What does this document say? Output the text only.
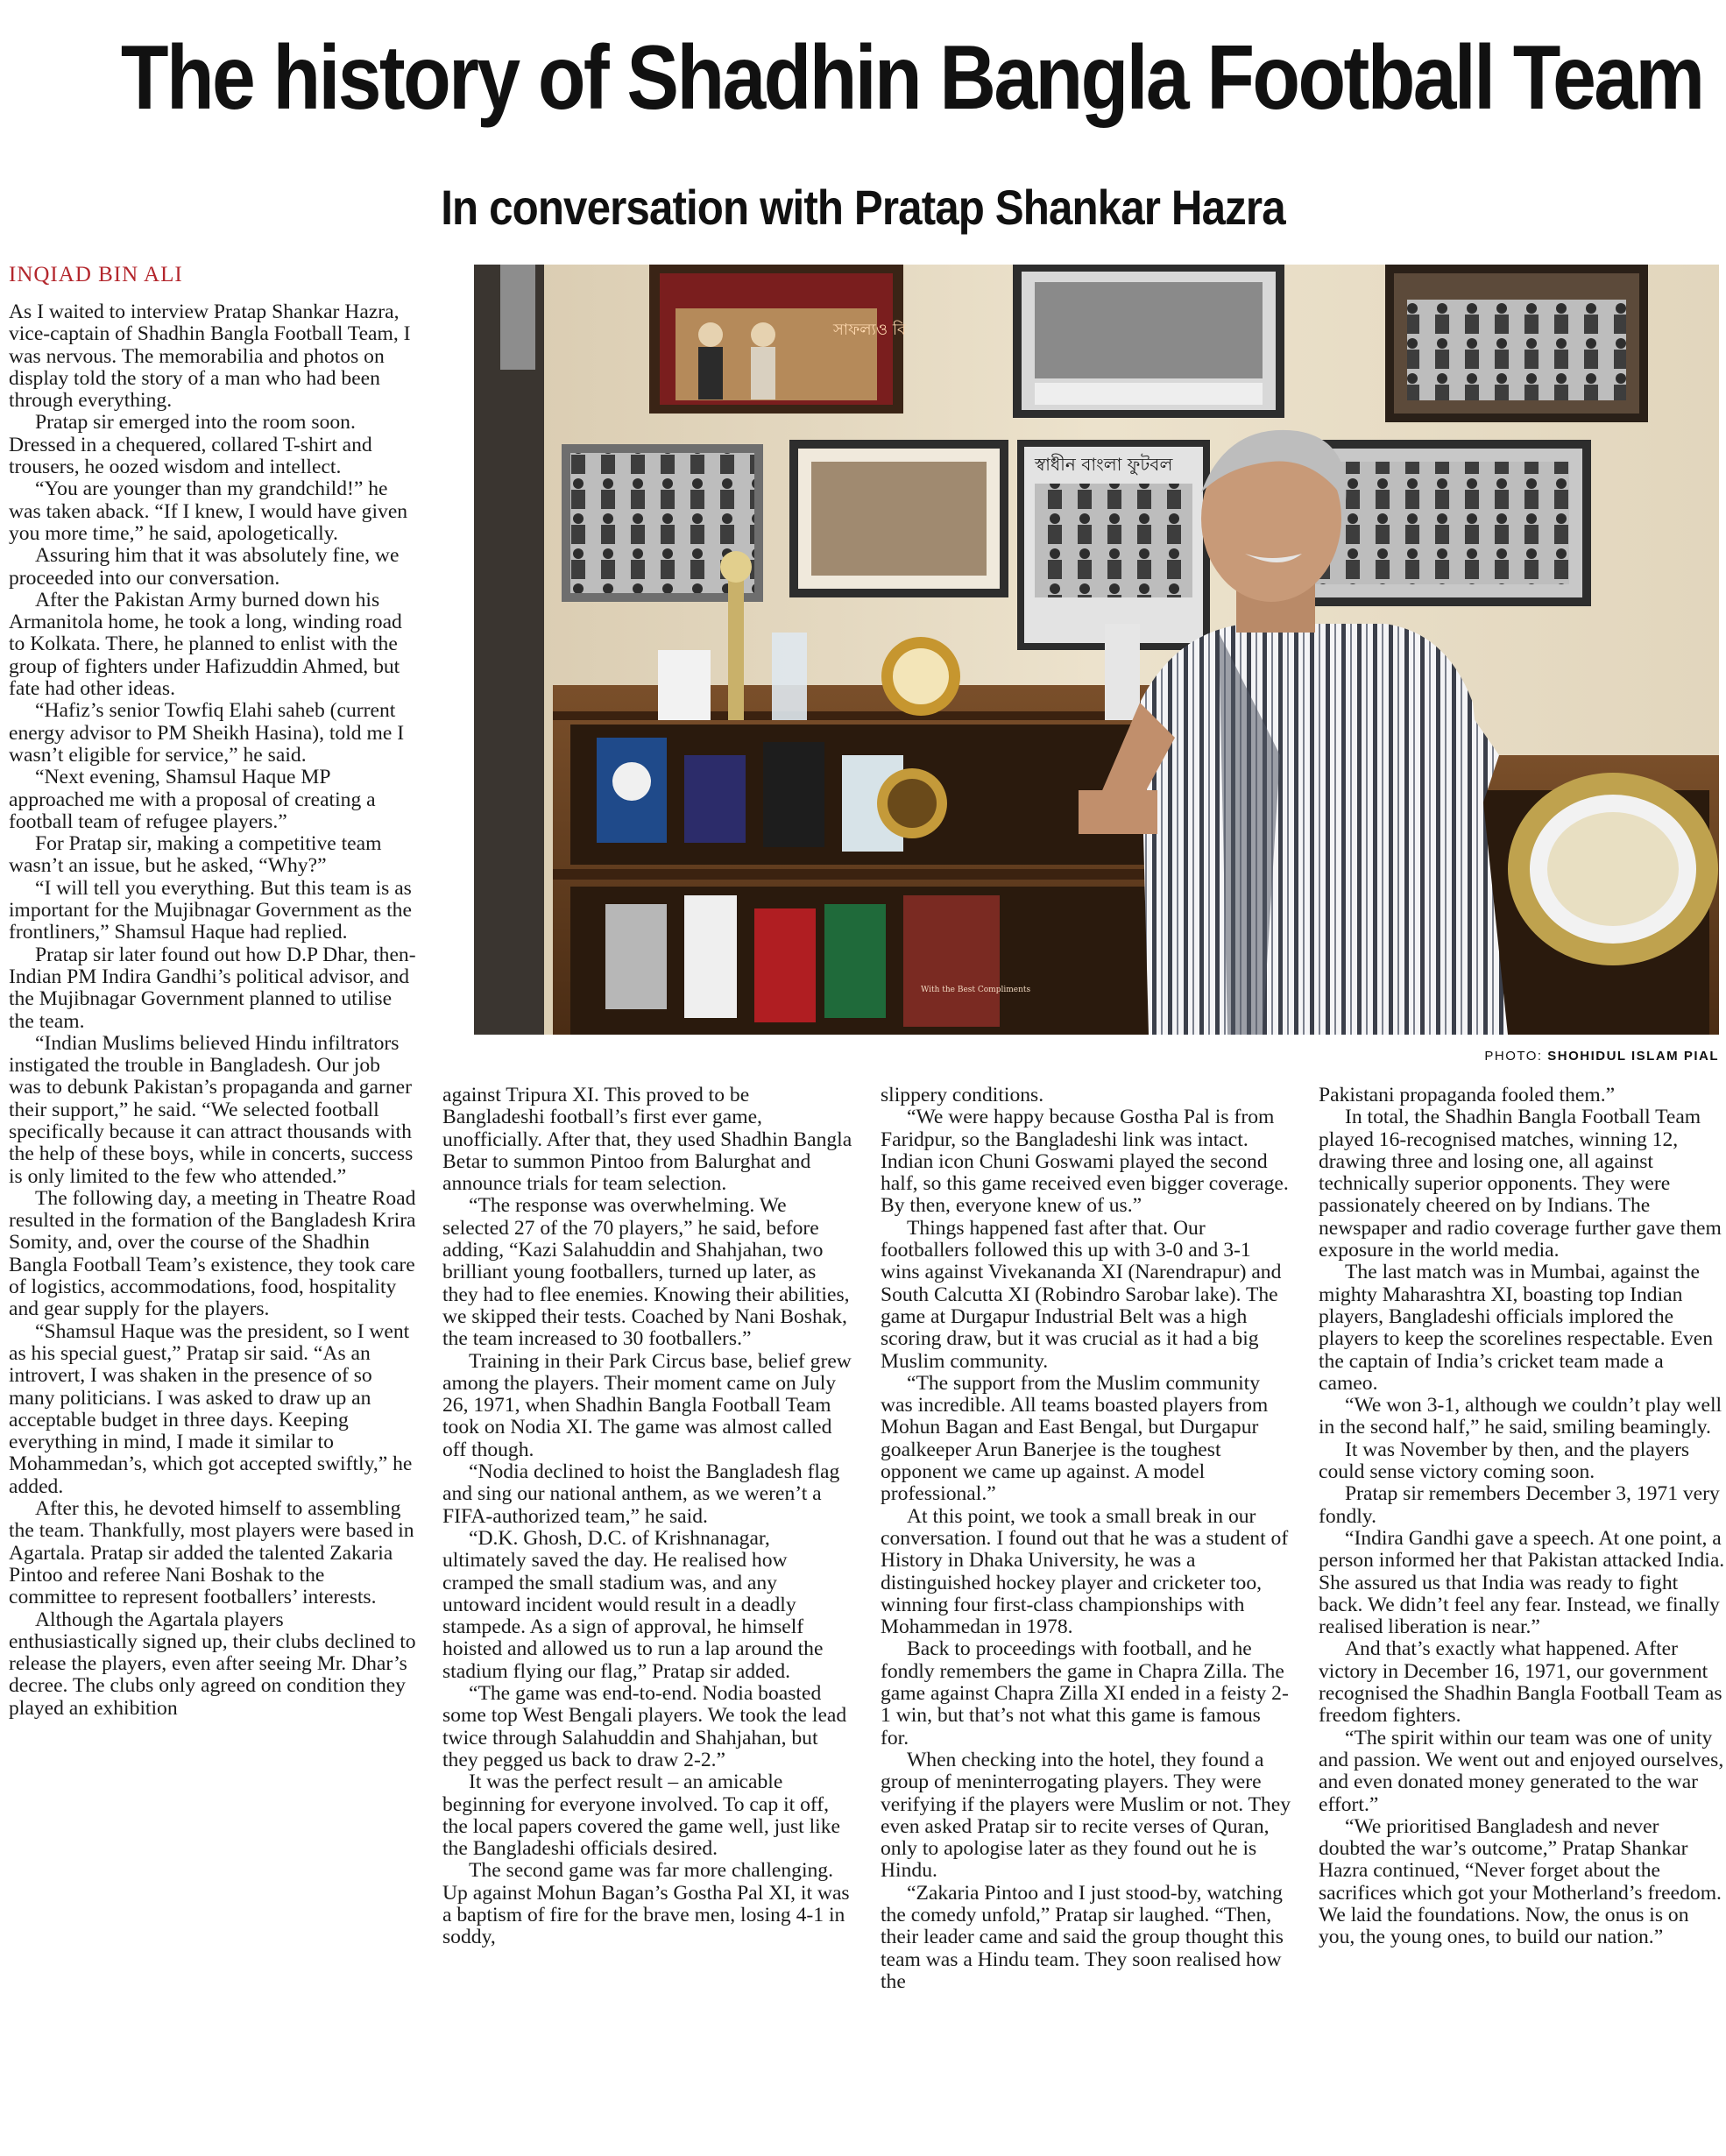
The history of Shadhin Bangla Football Team
In conversation with Pratap Shankar Hazra
INQIAD BIN ALI

As I waited to interview Pratap Shankar Hazra, vice-captain of Shadhin Bangla Football Team, I was nervous. The memorabilia and photos on display told the story of a man who had been through everything.

Pratap sir emerged into the room soon. Dressed in a chequered, collared T-shirt and trousers, he oozed wisdom and intellect.

“You are younger than my grandchild!” he was taken aback. “If I knew, I would have given you more time,” he said, apologetically.

Assuring him that it was absolutely fine, we proceeded into our conversation.

After the Pakistan Army burned down his Armanitola home, he took a long, winding road to Kolkata. There, he planned to enlist with the group of fighters under Hafizuddin Ahmed, but fate had other ideas.

“Hafiz’s senior Towfiq Elahi saheb (current energy advisor to PM Sheikh Hasina), told me I wasn’t eligible for service,” he said.

“Next evening, Shamsul Haque MP approached me with a proposal of creating a football team of refugee players.”

For Pratap sir, making a competitive team wasn’t an issue, but he asked, “Why?”

“I will tell you everything. But this team is as important for the Mujibnagar Government as the frontliners,” Shamsul Haque had replied.

Pratap sir later found out how D.P Dhar, then-Indian PM Indira Gandhi’s political advisor, and the Mujibnagar Government planned to utilise the team.

“Indian Muslims believed Hindu infiltrators instigated the trouble in Bangladesh. Our job was to debunk Pakistan’s propaganda and garner their support,” he said. “We selected football specifically because it can attract thousands with the help of these boys, while in concerts, success is only limited to the few who attended.”

The following day, a meeting in Theatre Road resulted in the formation of the Bangladesh Krira Somity, and, over the course of the Shadhin Bangla Football Team’s existence, they took care of logistics, accommodations, food, hospitality and gear supply for the players.

“Shamsul Haque was the president, so I went as his special guest,” Pratap sir said. “As an introvert, I was shaken in the presence of so many politicians. I was asked to draw up an acceptable budget in three days. Keeping everything in mind, I made it similar to Mohammedan’s, which got accepted swiftly,” he added.

After this, he devoted himself to assembling the team. Thankfully, most players were based in Agartala. Pratap sir added the talented Zakaria Pintoo and referee Nani Boshak to the committee to represent footballers’ interests.

Although the Agartala players enthusiastically signed up, their clubs declined to release the players, even after seeing Mr. Dhar’s decree. The clubs only agreed on condition they played an exhibition

সাফল্যও বি
স্বাধীন বাংলা ফুটবল
With the Best Compliments
PHOTO: SHOHIDUL ISLAM PIAL

against Tripura XI. This proved to be Bangladeshi football’s first ever game, unofficially. After that, they used Shadhin Bangla Betar to summon Pintoo from Balurghat and announce trials for team selection.

“The response was overwhelming. We selected 27 of the 70 players,” he said, before adding, “Kazi Salahuddin and Shahjahan, two brilliant young footballers, turned up later, as they had to flee enemies. Knowing their abilities, we skipped their tests. Coached by Nani Boshak, the team increased to 30 footballers.”

Training in their Park Circus base, belief grew among the players. Their moment came on July 26, 1971, when Shadhin Bangla Football Team took on Nodia XI. The game was almost called off though.

“Nodia declined to hoist the Bangladesh flag and sing our national anthem, as we weren’t a FIFA-authorized team,” he said.

“D.K. Ghosh, D.C. of Krishnanagar, ultimately saved the day. He realised how cramped the small stadium was, and any untoward incident would result in a deadly stampede. As a sign of approval, he himself hoisted and allowed us to run a lap around the stadium flying our flag,” Pratap sir added.

“The game was end-to-end. Nodia boasted some top West Bengali players. We took the lead twice through Salahuddin and Shahjahan, but they pegged us back to draw 2-2.”

It was the perfect result – an amicable beginning for everyone involved. To cap it off, the local papers covered the game well, just like the Bangladeshi officials desired.

The second game was far more challenging. Up against Mohun Bagan’s Gostha Pal XI, it was a baptism of fire for the brave men, losing 4-1 in soddy,

slippery conditions.

“We were happy because Gostha Pal is from Faridpur, so the Bangladeshi link was intact. Indian icon Chuni Goswami played the second half, so this game received even bigger coverage. By then, everyone knew of us.”

Things happened fast after that. Our footballers followed this up with 3-0 and 3-1 wins against Vivekananda XI (Narendrapur) and South Calcutta XI (Robindro Sarobar lake). The game at Durgapur Industrial Belt was a high scoring draw, but it was crucial as it had a big Muslim community.

“The support from the Muslim community was incredible. All teams boasted players from Mohun Bagan and East Bengal, but Durgapur goalkeeper Arun Banerjee is the toughest opponent we came up against. A model professional.”

At this point, we took a small break in our conversation. I found out that he was a student of History in Dhaka University, he was a distinguished hockey player and cricketer too, winning four first-class championships with Mohammedan in 1978.

Back to proceedings with football, and he fondly remembers the game in Chapra Zilla. The game against Chapra Zilla XI ended in a feisty 2-1 win, but that’s not what this game is famous for.

When checking into the hotel, they found a group of meninterrogating players. They were verifying if the players were Muslim or not. They even asked Pratap sir to recite verses of Quran, only to apologise later as they found out he is Hindu.

“Zakaria Pintoo and I just stood-by, watching the comedy unfold,” Pratap sir laughed. “Then, their leader came and said the group thought this team was a Hindu team. They soon realised how the

Pakistani propaganda fooled them.”

In total, the Shadhin Bangla Football Team played 16-recognised matches, winning 12, drawing three and losing one, all against technically superior opponents. They were passionately cheered on by Indians. The newspaper and radio coverage further gave them exposure in the world media.

The last match was in Mumbai, against the mighty Maharashtra XI, boasting top Indian players, Bangladeshi officials implored the players to keep the scorelines respectable. Even the captain of India’s cricket team made a cameo.

“We won 3-1, although we couldn’t play well in the second half,” he said, smiling beamingly.

It was November by then, and the players could sense victory coming soon.

Pratap sir remembers December 3, 1971 very fondly.

“Indira Gandhi gave a speech. At one point, a person informed her that Pakistan attacked India. She assured us that India was ready to fight back. We didn’t feel any fear. Instead, we finally realised liberation is near.”

And that’s exactly what happened. After victory in December 16, 1971, our government recognised the Shadhin Bangla Football Team as freedom fighters.

“The spirit within our team was one of unity and passion. We went out and enjoyed ourselves, and even donated money generated to the war effort.”

“We prioritised Bangladesh and never doubted the war’s outcome,” Pratap Shankar Hazra continued, “Never forget about the sacrifices which got your Motherland’s freedom. We laid the foundations. Now, the onus is on you, the young ones, to build our nation.”
